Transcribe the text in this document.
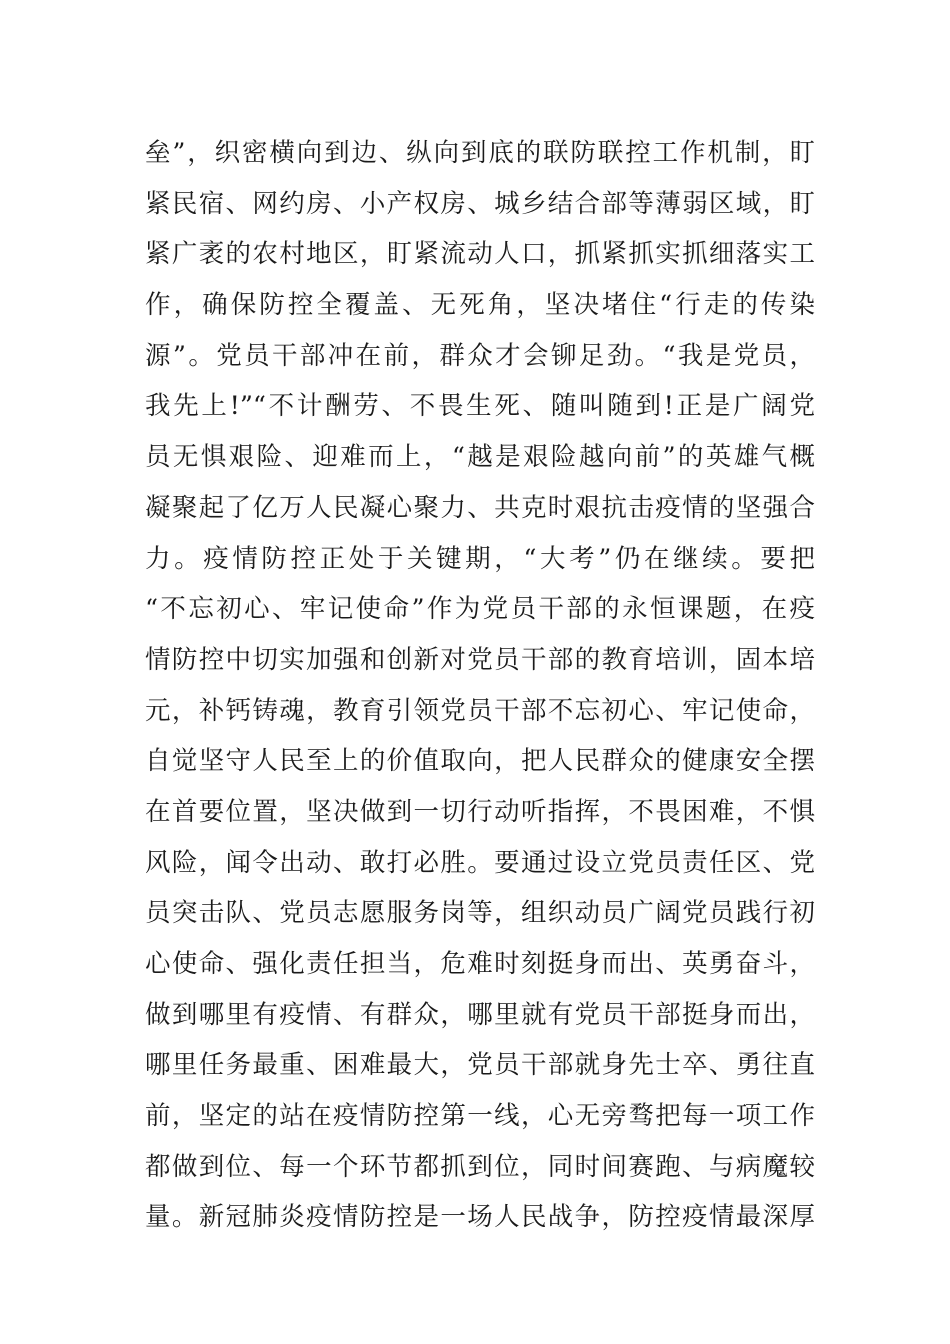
垒”，织密横向到边、纵向到底的联防联控工作机制，盯
紧民宿、网约房、小产权房、城乡结合部等薄弱区域，盯
紧广袤的农村地区，盯紧流动人口，抓紧抓实抓细落实工
作，确保防控全覆盖、无死角，坚决堵住“行走的传染
源”。党员干部冲在前，群众才会铆足劲。“我是党员，
我先上!”“不计酬劳、不畏生死、随叫随到!正是广阔党
员无惧艰险、迎难而上，“越是艰险越向前”的英雄气概
凝聚起了亿万人民凝心聚力、共克时艰抗击疫情的坚强合
力。疫情防控正处于关键期，“大考”仍在继续。要把
“不忘初心、牢记使命”作为党员干部的永恒课题，在疫
情防控中切实加强和创新对党员干部的教育培训，固本培
元，补钙铸魂，教育引领党员干部不忘初心、牢记使命，
自觉坚守人民至上的价值取向，把人民群众的健康安全摆
在首要位置，坚决做到一切行动听指挥，不畏困难，不惧
风险，闻令出动、敢打必胜。要通过设立党员责任区、党
员突击队、党员志愿服务岗等，组织动员广阔党员践行初
心使命、强化责任担当，危难时刻挺身而出、英勇奋斗，
做到哪里有疫情、有群众，哪里就有党员干部挺身而出，
哪里任务最重、困难最大，党员干部就身先士卒、勇往直
前，坚定的站在疫情防控第一线，心无旁骛把每一项工作
都做到位、每一个环节都抓到位，同时间赛跑、与病魔较
量。新冠肺炎疫情防控是一场人民战争，防控疫情最深厚
